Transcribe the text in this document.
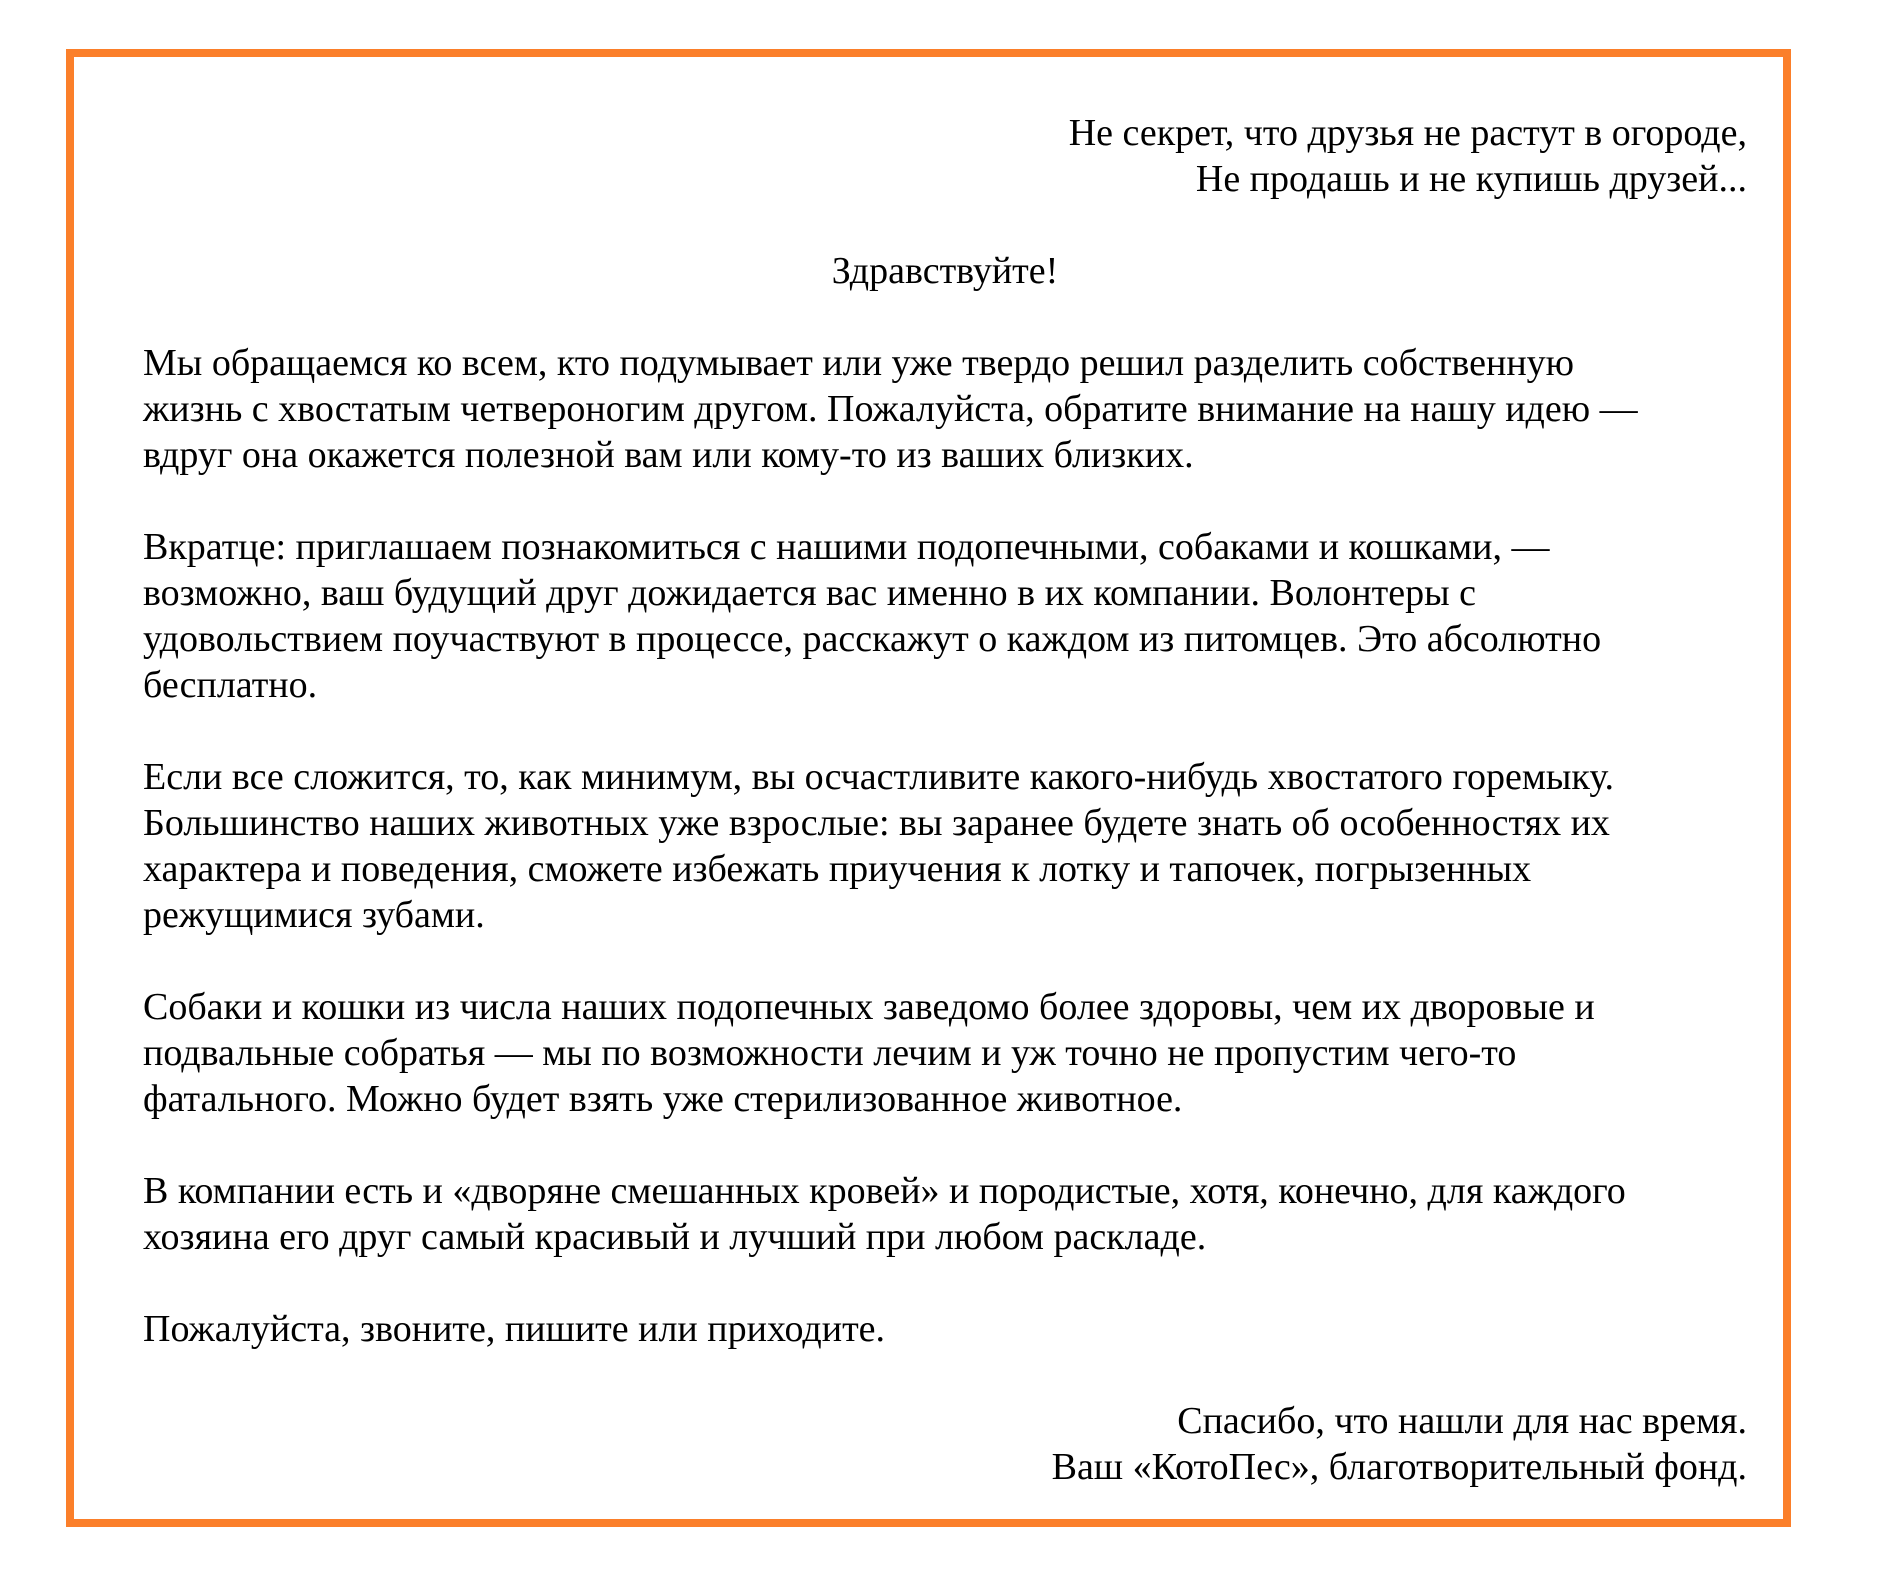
Не секрет, что друзья не растут в огороде,
Не продашь и не купишь друзей...
Здравствуйте!
Мы обращаемся ко всем, кто подумывает или уже твердо решил разделить собственную
жизнь с хвостатым четвероногим другом. Пожалуйста, обратите внимание на нашу идею —
вдруг она окажется полезной вам или кому-то из ваших близких.
Вкратце: приглашаем познакомиться с нашими подопечными, собаками и кошками, —
возможно, ваш будущий друг дожидается вас именно в их компании. Волонтеры с
удовольствием поучаствуют в процессе, расскажут о каждом из питомцев. Это абсолютно
бесплатно.
Если все сложится, то, как минимум, вы осчастливите какого-нибудь хвостатого горемыку.
Большинство наших животных уже взрослые: вы заранее будете знать об особенностях их
характера и поведения, сможете избежать приучения к лотку и тапочек, погрызенных
режущимися зубами.
Собаки и кошки из числа наших подопечных заведомо более здоровы, чем их дворовые и
подвальные собратья — мы по возможности лечим и уж точно не пропустим чего-то
фатального. Можно будет взять уже стерилизованное животное.
В компании есть и «дворяне смешанных кровей» и породистые, хотя, конечно, для каждого
хозяина его друг самый красивый и лучший при любом раскладе.
Пожалуйста, звоните, пишите или приходите.
Спасибо, что нашли для нас время.
Ваш «КотоПес», благотворительный фонд.
